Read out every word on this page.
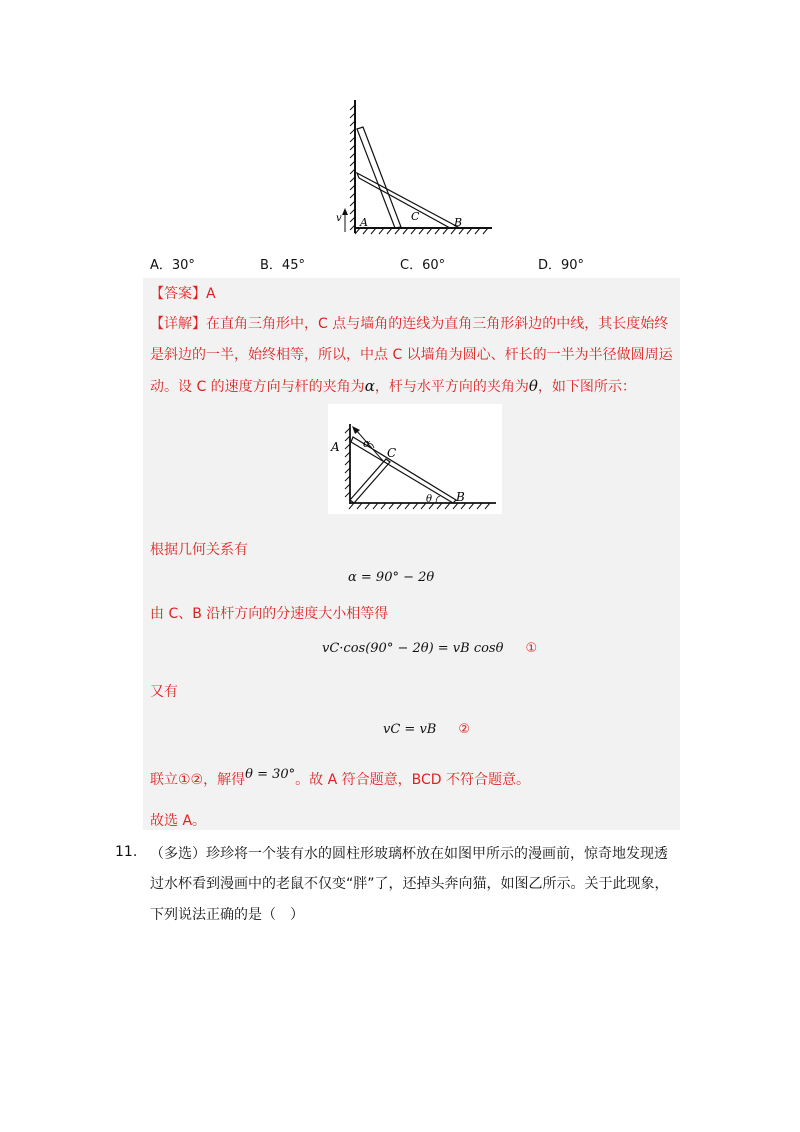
v A	C	B
A．30°	B．45°	C．60°	D．90°
【答案】A
【详解】在直角三角形中，C 点与墙角的连线为直角三角形斜边的中线，其长度始终
是斜边的一半，始终相等，所以，中点 C 以墙角为圆心、杆长的一半为半径做圆周运
动。设 C 的速度方向与杆的夹角为α，杆与水平方向的夹角为θ，如下图所示：
A α
C
θ B
根据几何关系有
α = 90° − 2θ
由 C、B 沿杆方向的分速度大小相等得
vC·cos(90° − 2θ) = vB cosθ ①
又有
vC = vB ②
联立①②，解得θ = 30°。故 A 符合题意，BCD 不符合题意。
故选 A。
11. （多选）珍珍将一个装有水的圆柱形玻璃杯放在如图甲所示的漫画前，惊奇地发现透
过水杯看到漫画中的老鼠不仅变“胖”了，还掉头奔向猫，如图乙所示。关于此现象，
下列说法正确的是（　）
